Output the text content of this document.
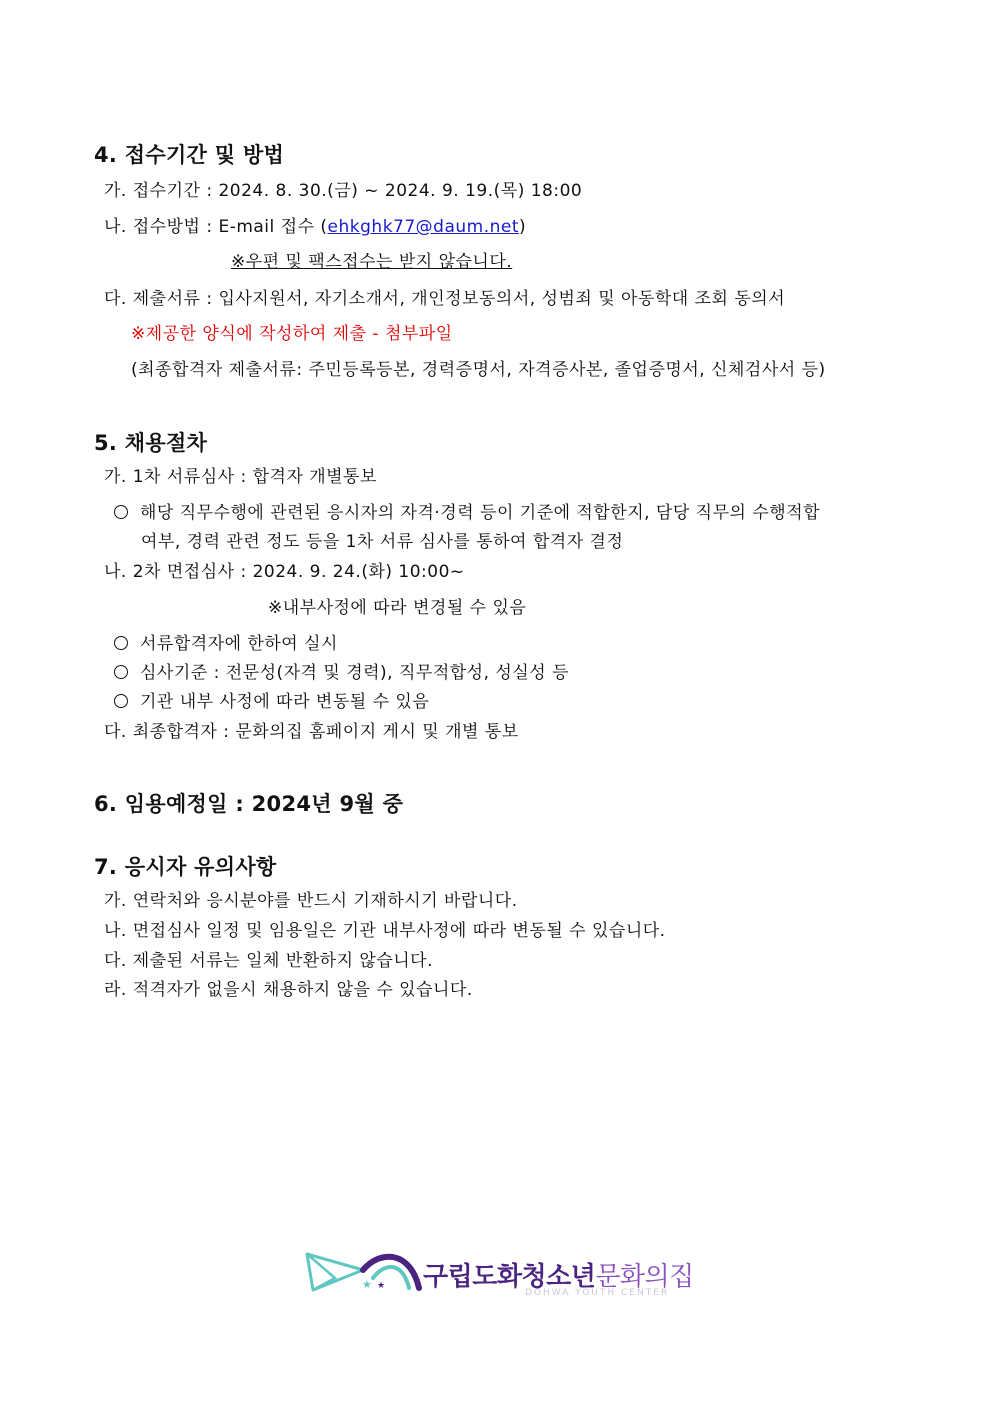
4. 접수기간 및 방법
가. 접수기간 : 2024. 8. 30.(금) ~ 2024. 9. 19.(목) 18:00
나. 접수방법 : E-mail 접수 (ehkghk77@daum.net)
※우편 및 팩스접수는 받지 않습니다.
다. 제출서류 : 입사지원서, 자기소개서, 개인정보동의서, 성범죄 및 아동학대 조회 동의서
※제공한 양식에 작성하여 제출 - 첨부파일
(최종합격자 제출서류: 주민등록등본, 경력증명서, 자격증사본, 졸업증명서, 신체검사서 등)
5. 채용절차
가. 1차 서류심사 : 합격자 개별통보
해당 직무수행에 관련된 응시자의 자격·경력 등이 기준에 적합한지, 담당 직무의 수행적합
여부, 경력 관련 정도 등을 1차 서류 심사를 통하여 합격자 결정
나. 2차 면접심사 : 2024. 9. 24.(화) 10:00~
※내부사정에 따라 변경될 수 있음
서류합격자에 한하여 실시
심사기준 : 전문성(자격 및 경력), 직무적합성, 성실성 등
기관 내부 사정에 따라 변동될 수 있음
다. 최종합격자 : 문화의집 홈페이지 게시 및 개별 통보
6. 임용예정일 : 2024년 9월 중
7. 응시자 유의사항
가. 연락처와 응시분야를 반드시 기재하시기 바랍니다.
나. 면접심사 일정 및 임용일은 기관 내부사정에 따라 변동될 수 있습니다.
다. 제출된 서류는 일체 반환하지 않습니다.
라. 적격자가 없을시 채용하지 않을 수 있습니다.
★ ★ 구립도화청소년문화의집
DOHWA YOUTH CENTER
